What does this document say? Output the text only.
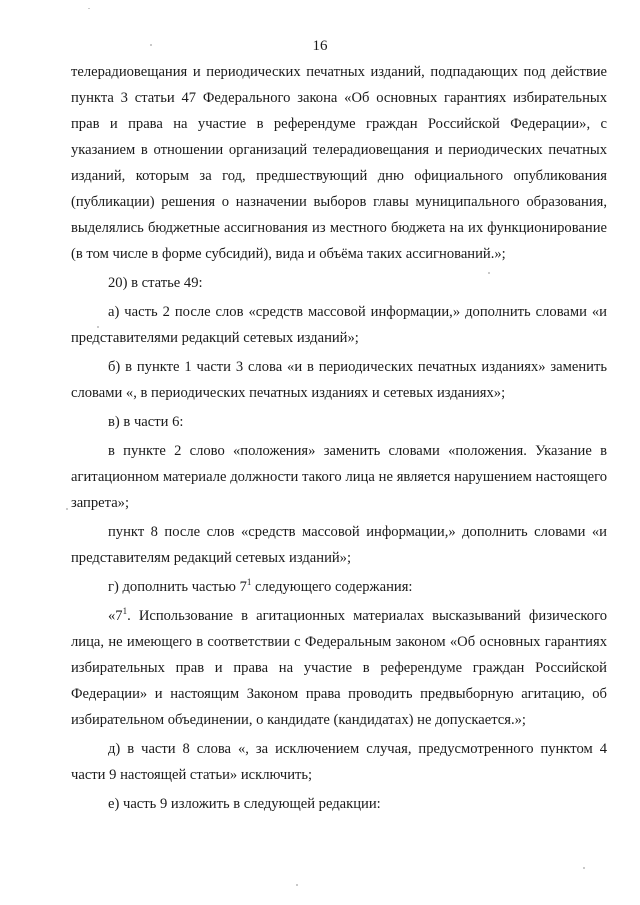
16

телерадиовещания и периодических печатных изданий, подпадающих под действие пункта 3 статьи 47 Федерального закона «Об основных гарантиях избирательных прав и права на участие в референдуме граждан Российской Федерации», с указанием в отношении организаций телерадиовещания и периодических печатных изданий, которым за год, предшествующий дню официального опубликования (публикации) решения о назначении выборов главы муниципального образования, выделялись бюджетные ассигнования из местного бюджета на их функционирование (в том числе в форме субсидий), вида и объёма таких ассигнований.»;

20) в статье 49:

а) часть 2 после слов «средств массовой информации,» дополнить словами «и представителями редакций сетевых изданий»;

б) в пункте 1 части 3 слова «и в периодических печатных изданиях» заменить словами «, в периодических печатных изданиях и сетевых изданиях»;

в) в части 6:

в пункте 2 слово «положения» заменить словами «положения. Указание в агитационном материале должности такого лица не является нарушением настоящего запрета»;

пункт 8 после слов «средств массовой информации,» дополнить словами «и представителям редакций сетевых изданий»;

г) дополнить частью $7^1$ следующего содержания:

«$7^1$. Использование в агитационных материалах высказываний физического лица, не имеющего в соответствии с Федеральным законом «Об основных гарантиях избирательных прав и права на участие в референдуме граждан Российской Федерации» и настоящим Законом права проводить предвыборную агитацию, об избирательном объединении, о кандидате (кандидатах) не допускается.»;

д) в части 8 слова «, за исключением случая, предусмотренного пунктом 4 части 9 настоящей статьи» исключить;

е) часть 9 изложить в следующей редакции:
